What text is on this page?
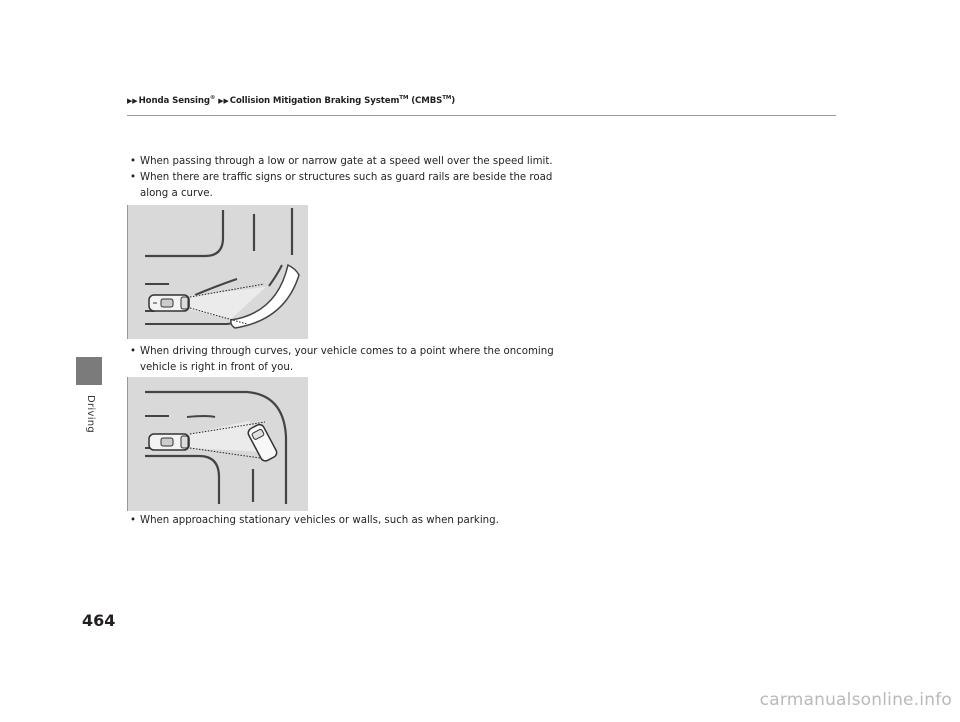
▶▶Honda Sensing® ▶▶Collision Mitigation Braking System™ (CMBS™)
Driving
• When passing through a low or narrow gate at a speed well over the speed limit.
• When there are traffic signs or structures such as guard rails are beside the road along a curve.
• When driving through curves, your vehicle comes to a point where the oncoming vehicle is right in front of you.
• When approaching stationary vehicles or walls, such as when parking.
464
carmanualsonline.info
